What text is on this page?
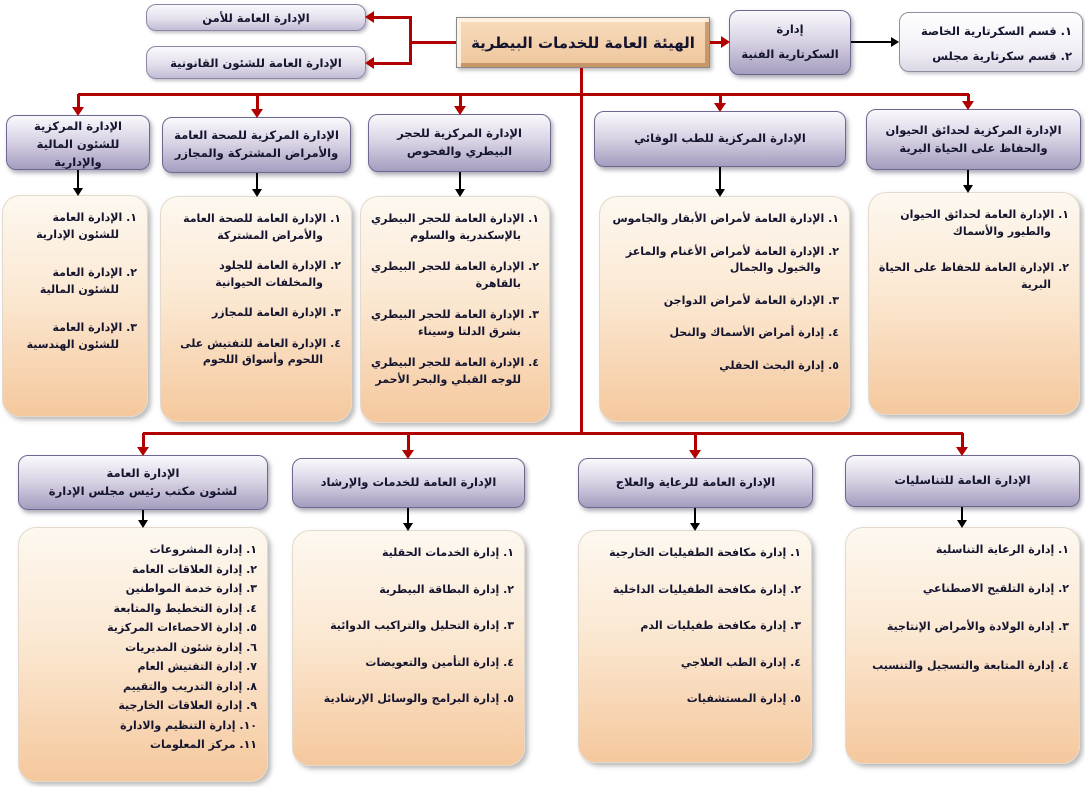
الإدارة العامة للأمن
الإدارة العامة للشئون القانونية
الهيئة العامة للخدمات البيطرية
إدارة
السكرتارية الفنية
١. قسم السكرتارية الخاصة
٢. قسم سكرتارية مجلس
الإدارة المركزية
للشئون المالية والإدارية
الإدارة المركزية للصحة العامة
والأمراض المشتركة والمجازر
الإدارة المركزية للحجر
البيطري والفحوص
الإدارة المركزية للطب الوقائي
الإدارة المركزية لحدائق الحيوان
والحفاظ على الحياة البرية
١. الإدارة العامة للشئون الإدارية
٢. الإدارة العامة للشئون المالية
٣. الإدارة العامة للشئون الهندسية
١. الإدارة العامة للصحة العامة والأمراض المشتركة
٢. الإدارة العامة للجلود والمخلفات الحيوانية
٣. الإدارة العامة للمجازر
٤. الإدارة العامة للتفتيش على اللحوم وأسواق اللحوم
١. الإدارة العامة للحجر البيطري بالإسكندرية والسلوم
٢. الإدارة العامة للحجر البيطري بالقاهرة
٣. الإدارة العامة للحجر البيطري بشرق الدلتا وسيناء
٤. الإدارة العامة للحجر البيطري للوجه القبلي والبحر الأحمر
١. الإدارة العامة لأمراض الأبقار والجاموس
٢. الإدارة العامة لأمراض الأغنام والماعز والخيول والجمال
٣. الإدارة العامة لأمراض الدواجن
٤. إدارة أمراض الأسماك والنحل
٥. إدارة البحث الحقلي
١. الإدارة العامة لحدائق الحيوان والطيور والأسماك
٢. الإدارة العامة للحفاظ على الحياة البرية
الإدارة العامة
لشئون مكتب رئيس مجلس الإدارة
الإدارة العامة للخدمات والإرشاد	الإدارة العامة للرعاية والعلاج	الإدارة العامة للتناسليات
١. إدارة المشروعات
٢. إدارة العلاقات العامة
٣. إدارة خدمة المواطنين
٤. إدارة التخطيط والمتابعة
٥. إدارة الاحصاءات المركزية
٦. إدارة شئون المديريات
٧. إدارة التفتيش العام
٨. إدارة التدريب والتقييم
٩. إدارة العلاقات الخارجية
١٠. إدارة التنظيم والادارة
١١. مركز المعلومات
١. إدارة الخدمات الحقلية
٢. إدارة البطاقة البيطرية
٣. إدارة التحليل والتراكيب الدوائية
٤. إدارة التأمين والتعويضات
٥. إدارة البرامج والوسائل الإرشادية
١. إدارة مكافحة الطفيليات الخارجية
٢. إدارة مكافحة الطفيليات الداخلية
٣. إدارة مكافحة طفيليات الدم
٤. إدارة الطب العلاجي
٥. إدارة المستشفيات
١. إدارة الرعاية التناسلية
٢. إدارة التلقيح الاصطناعي
٣. إدارة الولادة والأمراض الإنتاجية
٤. إدارة المتابعة والتسجيل والتنسيب
